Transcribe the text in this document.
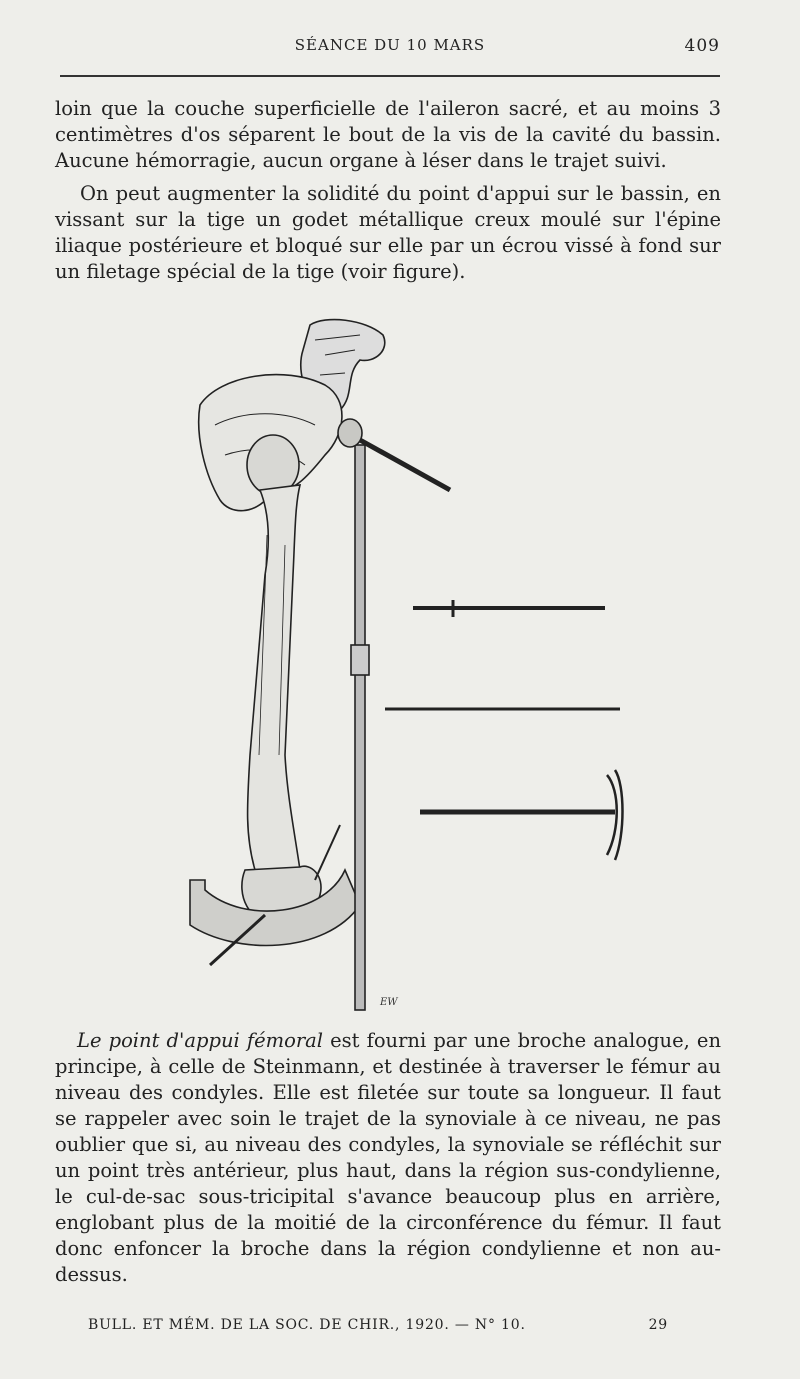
SÉANCE DU 10 MARS	409

loin que la couche superficielle de l'aileron sacré, et au moins 3 centimètres d'os séparent le bout de la vis de la cavité du bassin. Aucune hémorragie, aucun organe à léser dans le trajet suivi.

On peut augmenter la solidité du point d'appui sur le bassin, en vissant sur la tige un godet métallique creux moulé sur l'épine iliaque postérieure et bloqué sur elle par un écrou vissé à fond sur un filetage spécial de la tige (voir figure).

EW

Le point d'appui fémoral est fourni par une broche analogue, en principe, à celle de Steinmann, et destinée à traverser le fémur au niveau des condyles. Elle est filetée sur toute sa longueur. Il faut se rappeler avec soin le trajet de la synoviale à ce niveau, ne pas oublier que si, au niveau des condyles, la synoviale se réfléchit sur un point très antérieur, plus haut, dans la région sus-condylienne, le cul-de-sac sous-tricipital s'avance beaucoup plus en arrière, englobant plus de la moitié de la circonférence du fémur. Il faut donc enfoncer la broche dans la région condylienne et non au-dessus.

BULL. ET MÉM. DE LA SOC. DE CHIR., 1920. — N° 10.	29
